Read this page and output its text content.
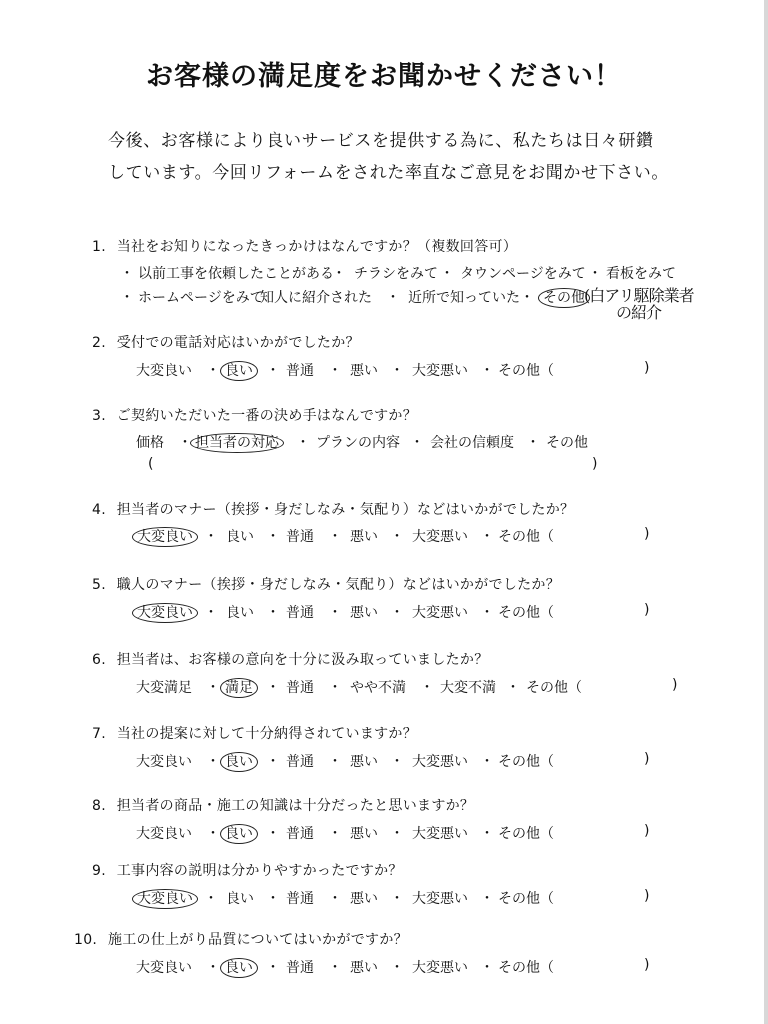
お客様の満足度をお聞かせください！
今後、お客様により良いサービスを提供する為に、私たちは日々研鑽
しています。今回リフォームをされた率直なご意見をお聞かせ下さい。
1. 当社をお知りになったきっかけはなんですか？（複数回答可）
・ 以前工事を依頼したことがある
・ チラシをみて ・ タウンページをみて ・ 看板をみて
・ ホームページをみて
知人に紹介された ・ 近所で知っていた ・ その他 (白アリ駆除業者
の紹介
2. 受付での電話対応はいかがでしたか？
大変良い ・ 良い ・ 普通 ・ 悪い ・ 大変悪い ・ その他（	)
3. ご契約いただいた一番の決め手はなんですか？
価格 ・ 担当者の対応 ・ プランの内容 ・ 会社の信頼度 ・ その他
(	)
4. 担当者のマナー（挨拶・身だしなみ・気配り）などはいかがでしたか？
大変良い ・ 良い ・ 普通 ・ 悪い ・ 大変悪い ・ その他（	)
5. 職人のマナー（挨拶・身だしなみ・気配り）などはいかがでしたか？
大変良い ・ 良い ・ 普通 ・ 悪い ・ 大変悪い ・ その他（	)
6. 担当者は、お客様の意向を十分に汲み取っていましたか？
大変満足 ・ 満足 ・ 普通 ・ やや不満 ・ 大変不満 ・ その他（	)
7. 当社の提案に対して十分納得されていますか？
大変良い ・ 良い ・ 普通 ・ 悪い ・ 大変悪い ・ その他（	)
8. 担当者の商品・施工の知識は十分だったと思いますか？
大変良い ・ 良い ・ 普通 ・ 悪い ・ 大変悪い ・ その他（	)
9. 工事内容の説明は分かりやすかったですか？
大変良い ・ 良い ・ 普通 ・ 悪い ・ 大変悪い ・ その他（	)
10. 施工の仕上がり品質についてはいかがですか？
大変良い ・ 良い ・ 普通 ・ 悪い ・ 大変悪い ・ その他（	)
